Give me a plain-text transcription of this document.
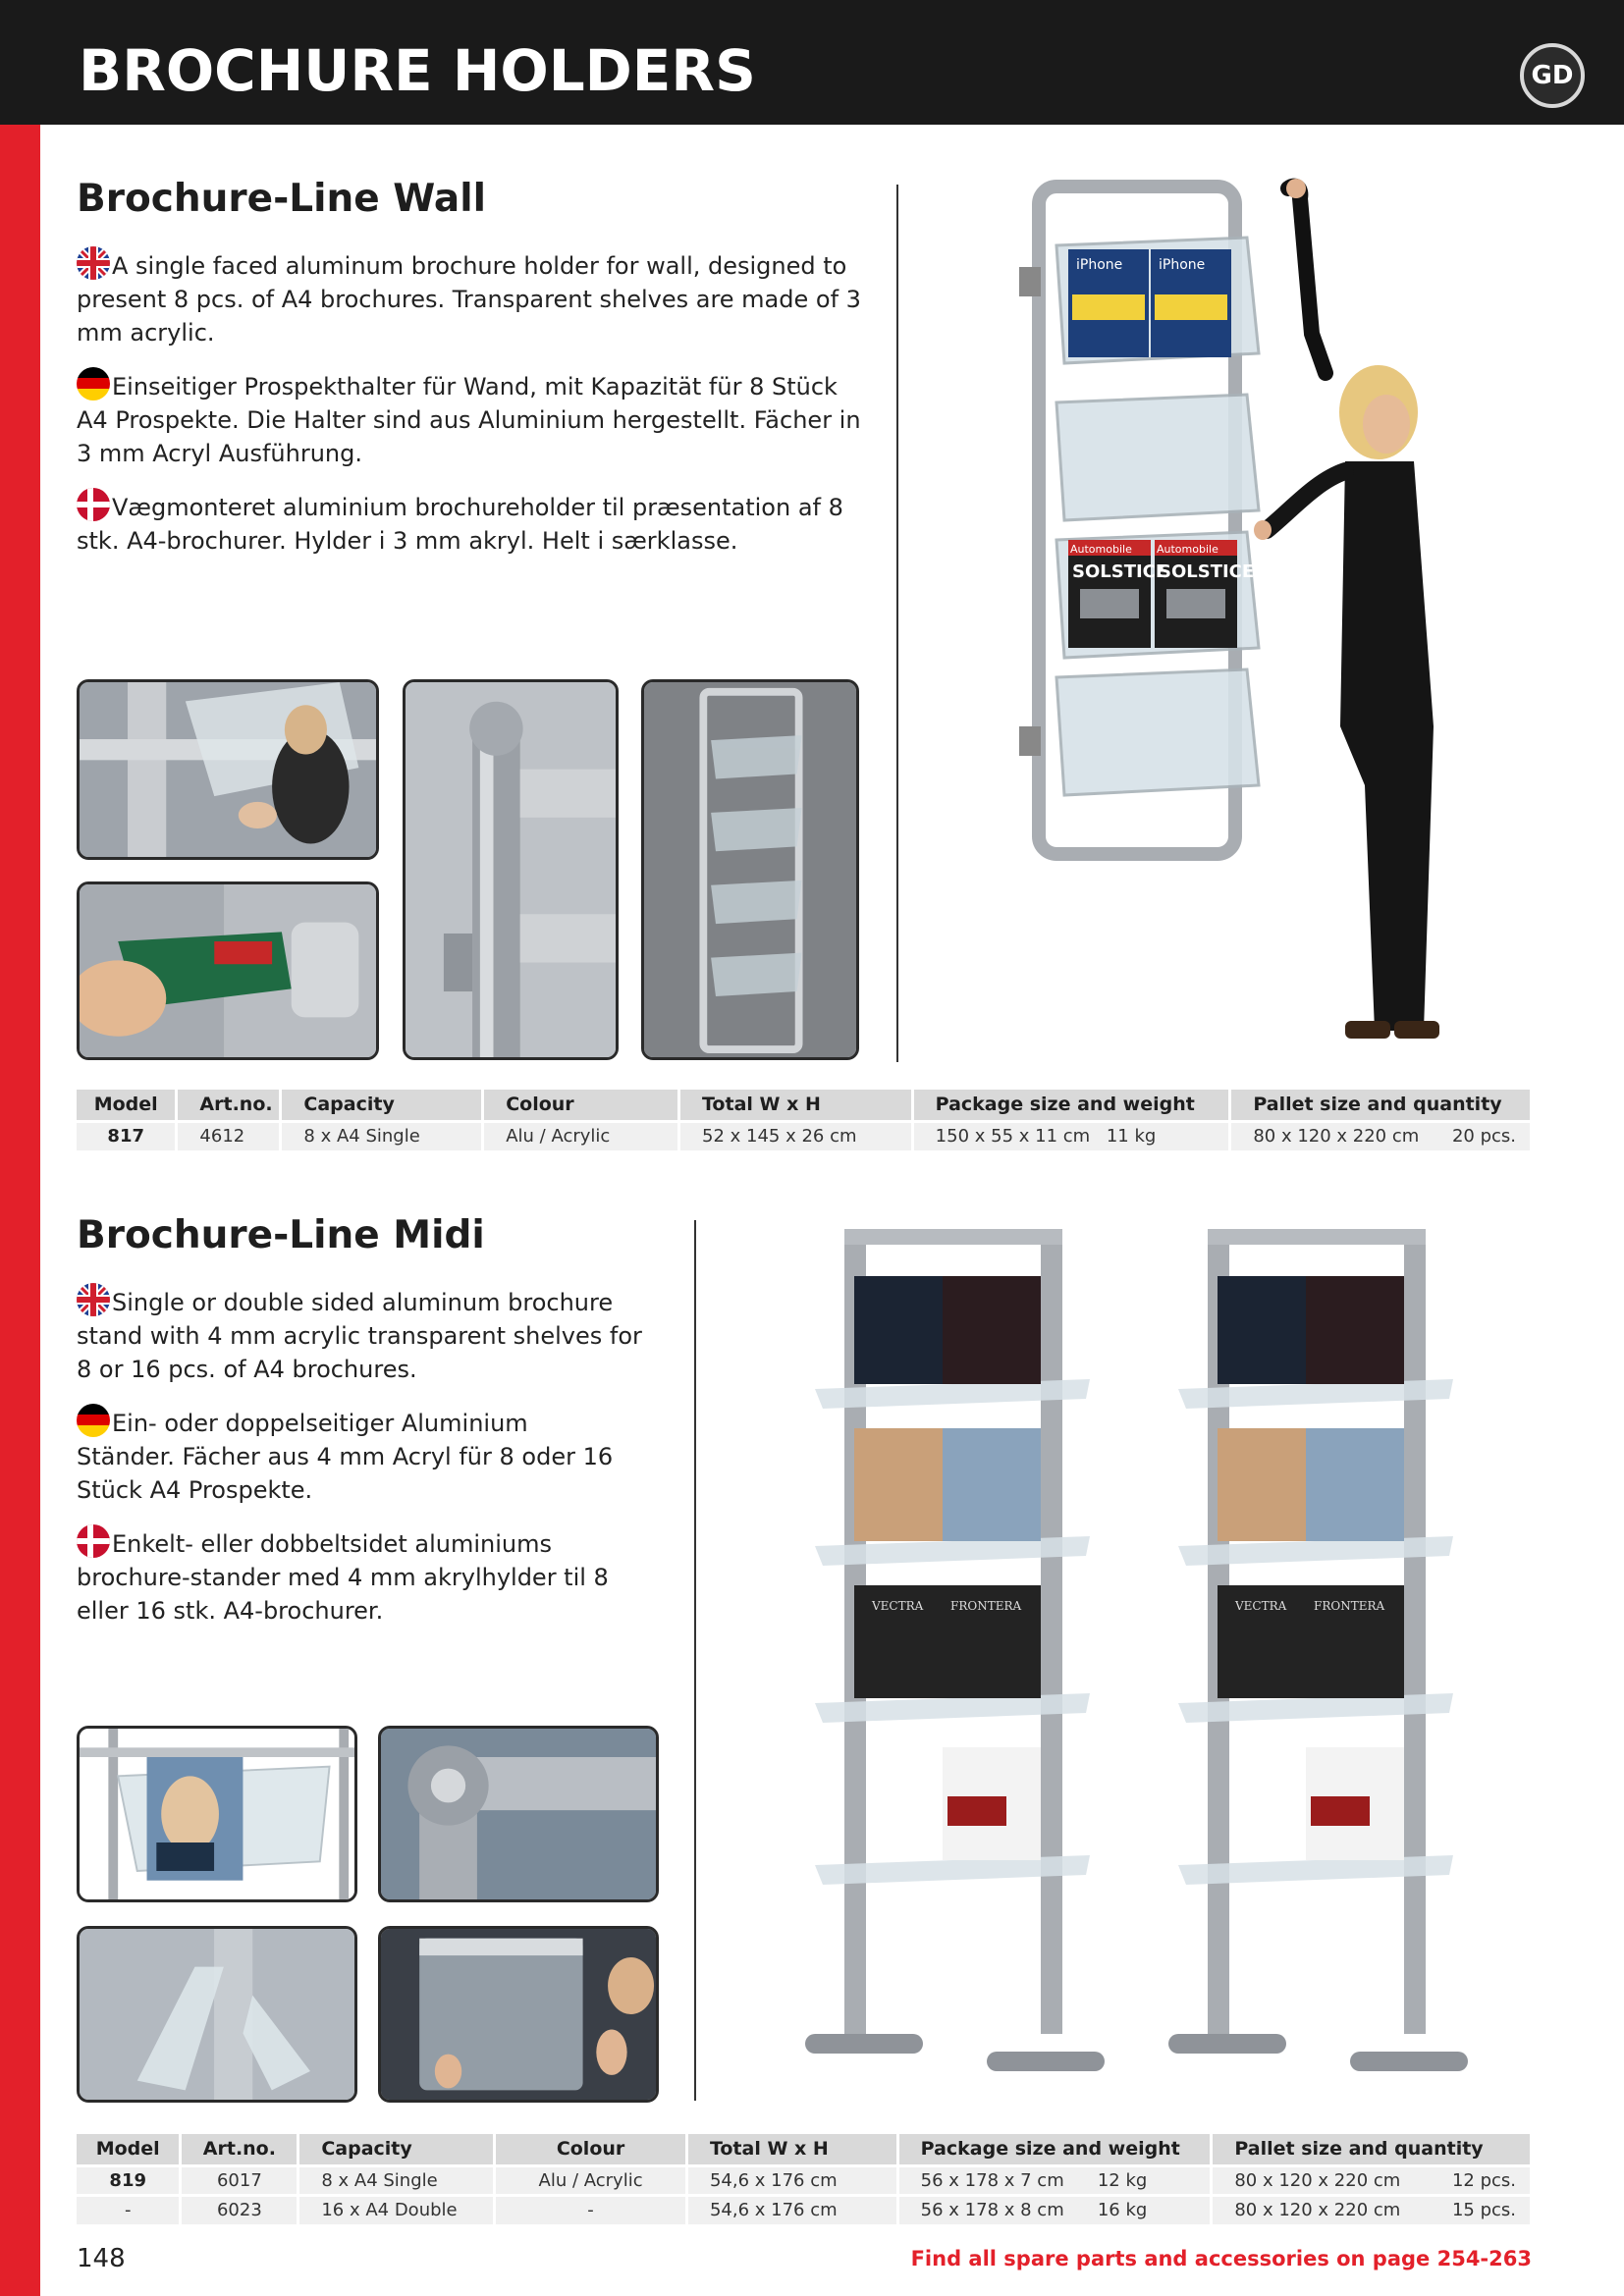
BROCHURE HOLDERS	GD
Brochure-Line Wall
A single faced aluminum brochure holder for wall, designed to present 8 pcs. of A4 brochures. Transparent shelves are made of 3 mm acrylic.
Einseitiger Prospekthalter für Wand, mit Kapazität für 8 Stück A4 Prospekte. Die Halter sind aus Aluminium hergestellt. Fächer in 3 mm Acryl Ausführung.
Vægmonteret aluminium brochureholder til præsentation af 8 stk. A4-brochurer. Hylder i 3 mm akryl. Helt i særklasse.
iPhone	iPhone
Automobile Automobile
SOLSTICE
SOLSTICE
Model	Art.no.	Capacity	Colour	Total W x H	Package size and weight	Pallet size and quantity
817	4612	8 x A4 Single	Alu / Acrylic	52 x 145 x 26 cm	150 x 55 x 11 cm 11 kg	80 x 120 x 220 cm 20 pcs.
Brochure-Line Midi
Single or double sided aluminum brochure stand with 4 mm acrylic transparent shelves for 8 or 16 pcs. of A4 brochures.
Ein- oder doppelseitiger Aluminium Ständer. Fächer aus 4 mm Acryl für 8 oder 16 Stück A4 Prospekte.
Enkelt- eller dobbeltsidet aluminiums brochure-stander med 4 mm akrylhylder til 8 eller 16 stk. A4-brochurer.	VECTRA FRONTERA	VECTRA FRONTERA
Model	Art.no.	Capacity	Colour	Total W x H	Package size and weight	Pallet size and quantity
819	6017	8 x A4 Single	Alu / Acrylic	54,6 x 176 cm	56 x 178 x 7 cm 12 kg	80 x 120 x 220 cm 12 pcs.

-	6023	16 x A4 Double	-	54,6 x 176 cm	56 x 178 x 8 cm 16 kg	80 x 120 x 220 cm 15 pcs.
148	Find all spare parts and accessories on page 254-263
